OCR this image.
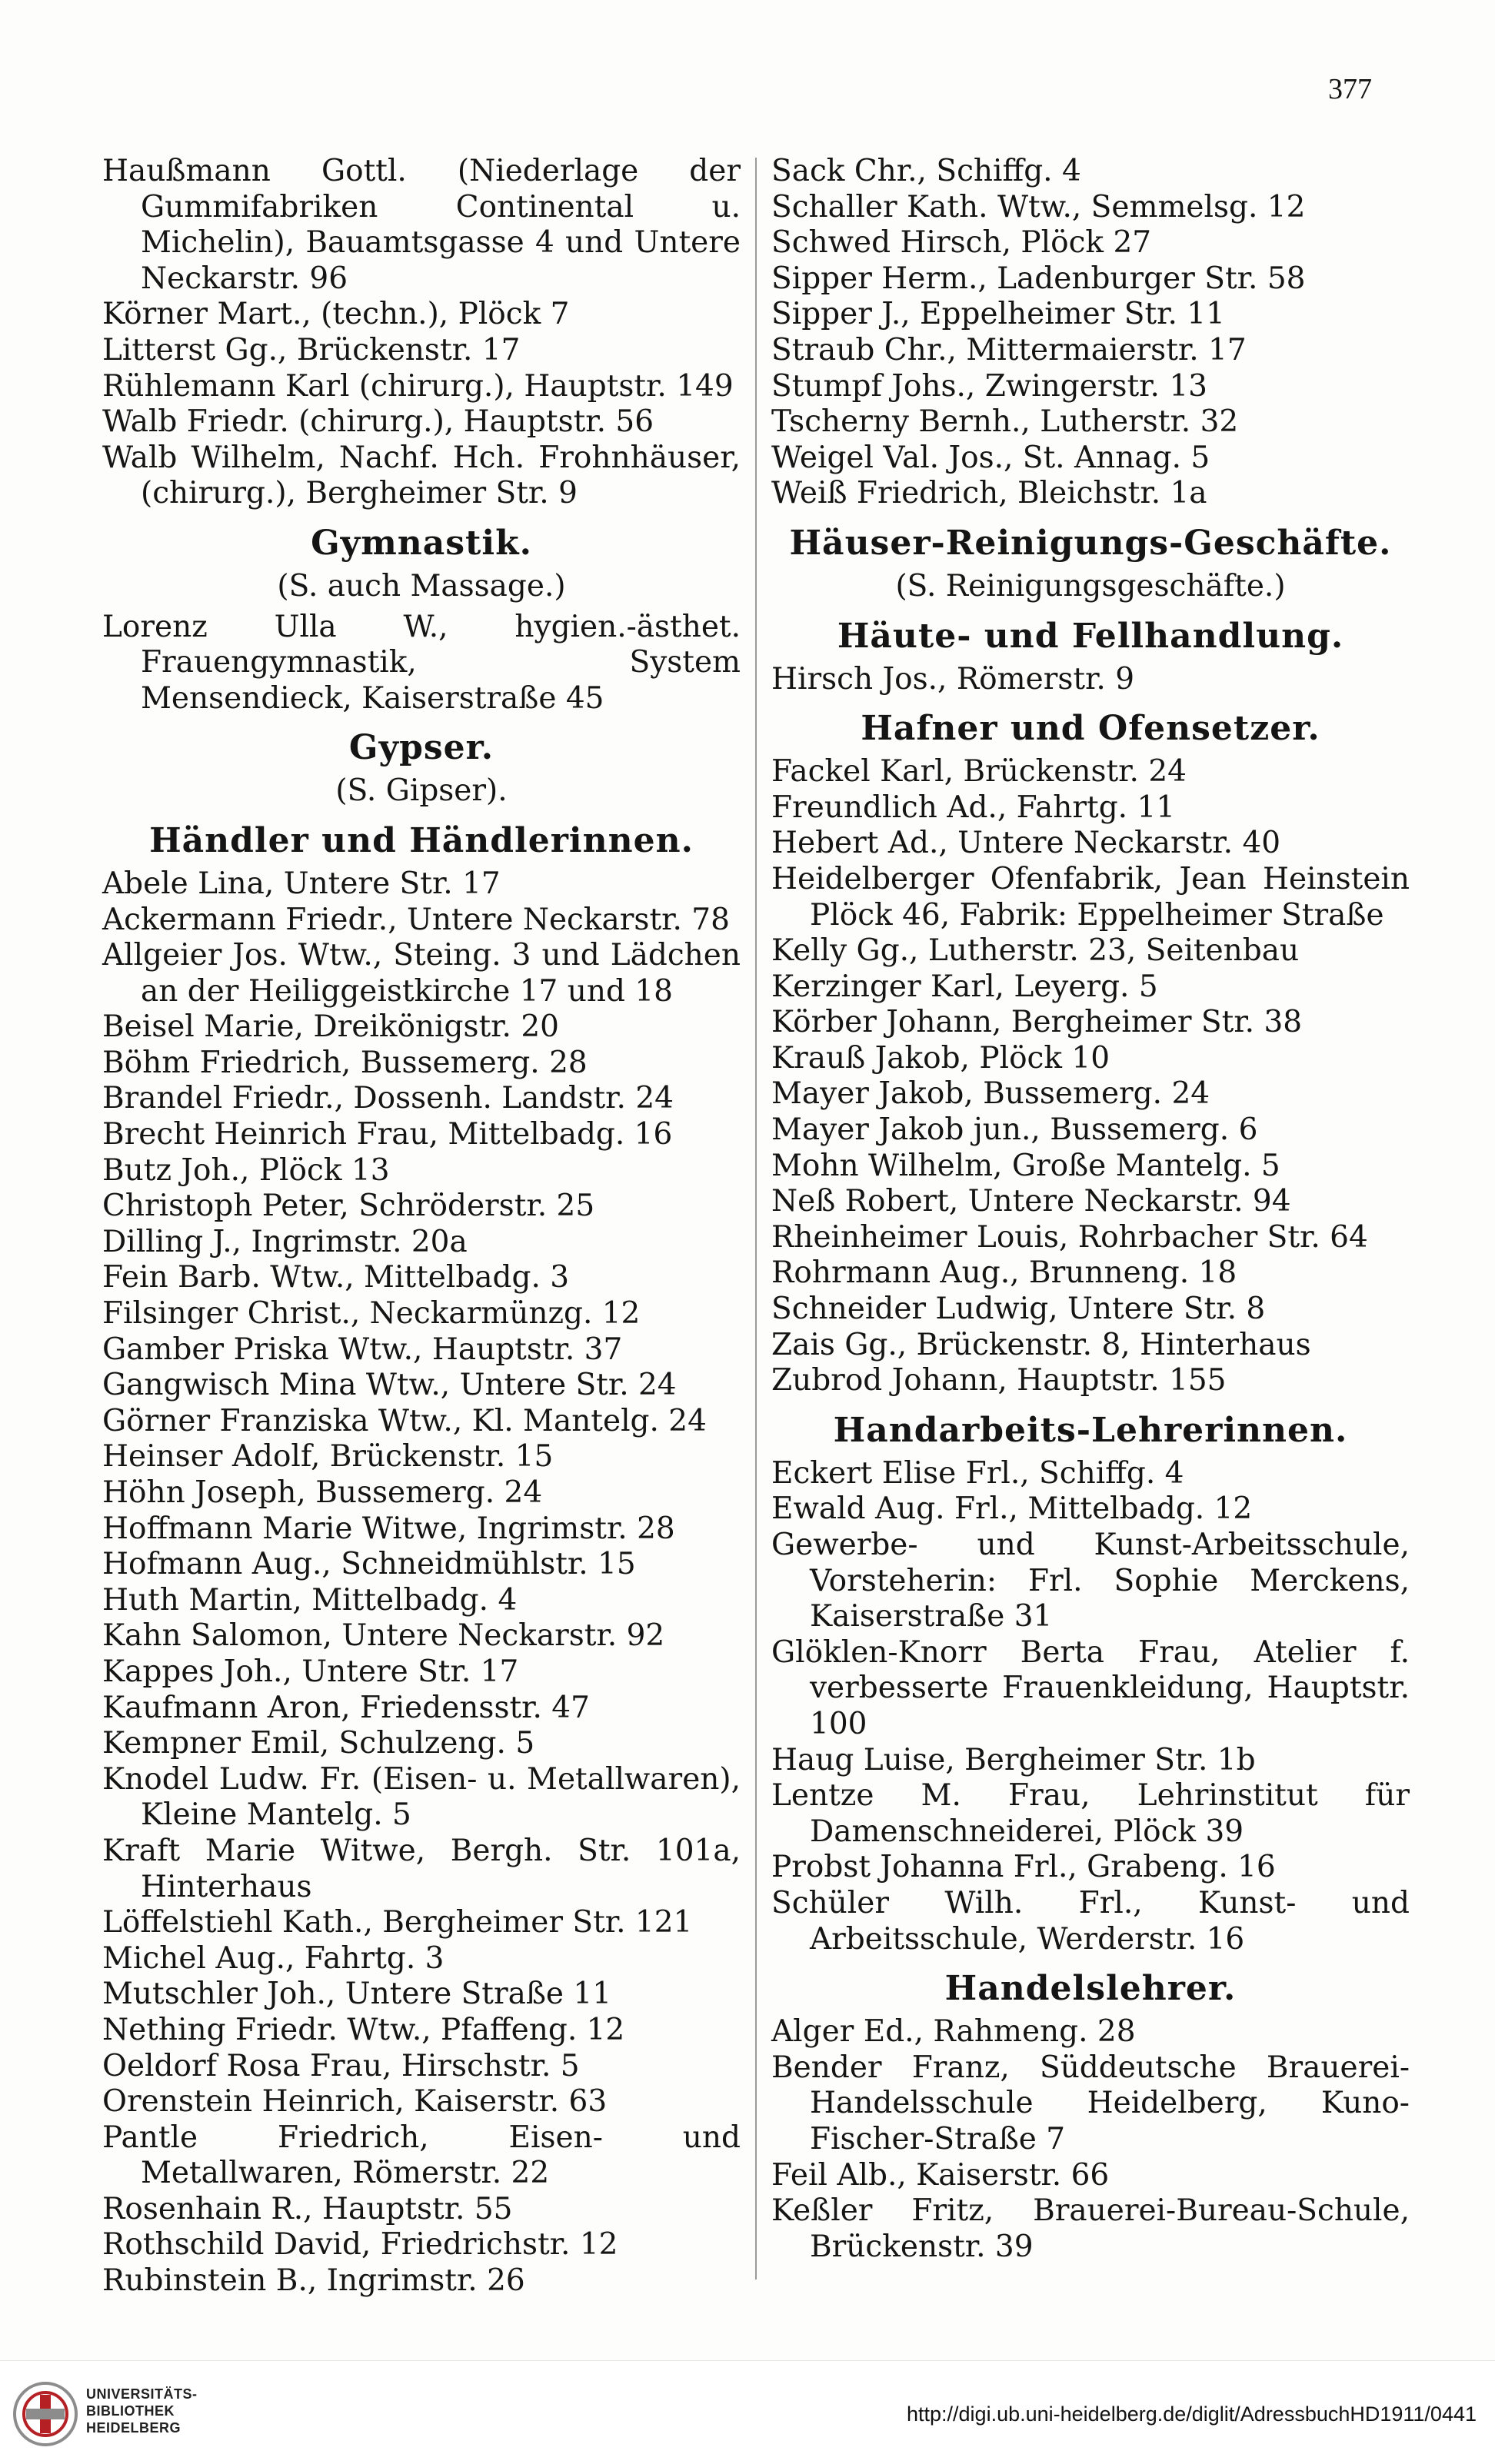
377
Haußmann Gottl. (Niederlage der Gummifabriken Continental u. Michelin), Bauamtsgasse 4 und Untere Neckarstr. 96
Körner Mart., (techn.), Plöck 7
Litterst Gg., Brückenstr. 17
Rühlemann Karl (chirurg.), Hauptstr. 149
Walb Friedr. (chirurg.), Hauptstr. 56
Walb Wilhelm, Nachf. Hch. Frohnhäuser, (chirurg.), Bergheimer Str. 9
Gymnastik.
(S. auch Massage.)
Lorenz Ulla W., hygien.-ästhet. Frauengymnastik, System Mensendieck, Kaiserstraße 45
Gypser.
(S. Gipser).
Händler und Händlerinnen.
Abele Lina, Untere Str. 17
Ackermann Friedr., Untere Neckarstr. 78
Allgeier Jos. Wtw., Steing. 3 und Lädchen an der Heiliggeistkirche 17 und 18
Beisel Marie, Dreikönigstr. 20
Böhm Friedrich, Bussemerg. 28
Brandel Friedr., Dossenh. Landstr. 24
Brecht Heinrich Frau, Mittelbadg. 16
Butz Joh., Plöck 13
Christoph Peter, Schröderstr. 25
Dilling J., Ingrimstr. 20a
Fein Barb. Wtw., Mittelbadg. 3
Filsinger Christ., Neckarmünzg. 12
Gamber Priska Wtw., Hauptstr. 37
Gangwisch Mina Wtw., Untere Str. 24
Görner Franziska Wtw., Kl. Mantelg. 24
Heinser Adolf, Brückenstr. 15
Höhn Joseph, Bussemerg. 24
Hoffmann Marie Witwe, Ingrimstr. 28
Hofmann Aug., Schneidmühlstr. 15
Huth Martin, Mittelbadg. 4
Kahn Salomon, Untere Neckarstr. 92
Kappes Joh., Untere Str. 17
Kaufmann Aron, Friedensstr. 47
Kempner Emil, Schulzeng. 5
Knodel Ludw. Fr. (Eisen- u. Metallwaren), Kleine Mantelg. 5
Kraft Marie Witwe, Bergh. Str. 101a, Hinterhaus
Löffelstiehl Kath., Bergheimer Str. 121
Michel Aug., Fahrtg. 3
Mutschler Joh., Untere Straße 11
Nething Friedr. Wtw., Pfaffeng. 12
Oeldorf Rosa Frau, Hirschstr. 5
Orenstein Heinrich, Kaiserstr. 63
Pantle Friedrich, Eisen- und Metallwaren, Römerstr. 22
Rosenhain R., Hauptstr. 55
Rothschild David, Friedrichstr. 12
Rubinstein B., Ingrimstr. 26
Sack Chr., Schiffg. 4
Schaller Kath. Wtw., Semmelsg. 12
Schwed Hirsch, Plöck 27
Sipper Herm., Ladenburger Str. 58
Sipper J., Eppelheimer Str. 11
Straub Chr., Mittermaierstr. 17
Stumpf Johs., Zwingerstr. 13
Tscherny Bernh., Lutherstr. 32
Weigel Val. Jos., St. Annag. 5
Weiß Friedrich, Bleichstr. 1a
Häuser-Reinigungs-Geschäfte.
(S. Reinigungsgeschäfte.)
Häute- und Fellhandlung.
Hirsch Jos., Römerstr. 9
Hafner und Ofensetzer.
Fackel Karl, Brückenstr. 24
Freundlich Ad., Fahrtg. 11
Hebert Ad., Untere Neckarstr. 40
Heidelberger Ofenfabrik, Jean Heinstein Plöck 46, Fabrik: Eppelheimer Straße
Kelly Gg., Lutherstr. 23, Seitenbau
Kerzinger Karl, Leyerg. 5
Körber Johann, Bergheimer Str. 38
Krauß Jakob, Plöck 10
Mayer Jakob, Bussemerg. 24
Mayer Jakob jun., Bussemerg. 6
Mohn Wilhelm, Große Mantelg. 5
Neß Robert, Untere Neckarstr. 94
Rheinheimer Louis, Rohrbacher Str. 64
Rohrmann Aug., Brunneng. 18
Schneider Ludwig, Untere Str. 8
Zais Gg., Brückenstr. 8, Hinterhaus
Zubrod Johann, Hauptstr. 155
Handarbeits-Lehrerinnen.
Eckert Elise Frl., Schiffg. 4
Ewald Aug. Frl., Mittelbadg. 12
Gewerbe- und Kunst-Arbeitsschule, Vorsteherin: Frl. Sophie Merckens, Kaiserstraße 31
Glöklen-Knorr Berta Frau, Atelier f. verbesserte Frauenkleidung, Hauptstr. 100
Haug Luise, Bergheimer Str. 1b
Lentze M. Frau, Lehrinstitut für Damenschneiderei, Plöck 39
Probst Johanna Frl., Grabeng. 16
Schüler Wilh. Frl., Kunst- und Arbeitsschule, Werderstr. 16
Handelslehrer.
Alger Ed., Rahmeng. 28
Bender Franz, Süddeutsche Brauerei-Handelsschule Heidelberg, Kuno-Fischer-Straße 7
Feil Alb., Kaiserstr. 66
Keßler Fritz, Brauerei-Bureau-Schule, Brückenstr. 39
UNIVERSITÄTS-
BIBLIOTHEK
HEIDELBERG
http://digi.ub.uni-heidelberg.de/diglit/AdressbuchHD1911/0441
